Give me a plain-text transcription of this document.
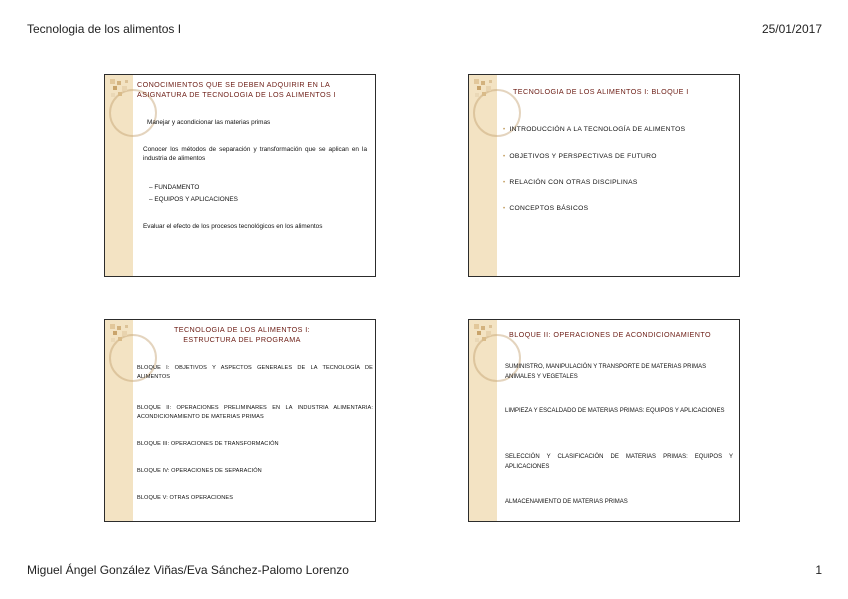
Tecnologia de los alimentos I	25/01/2017
CONOCIMIENTOS QUE SE DEBEN ADQUIRIR EN LA
ASIGNATURA DE TECNOLOGIA DE LOS ALIMENTOS I
Manejar y acondicionar las materias primas
Conocer los métodos de separación y transformación que se aplican en la industria de alimentos
– FUNDAMENTO
– EQUIPOS Y APLICACIONES
Evaluar el efecto de los procesos tecnológicos en los alimentos
TECNOLOGIA DE LOS ALIMENTOS I: BLOQUE I
• INTRODUCCIÓN A LA TECNOLOGÍA DE ALIMENTOS
• OBJETIVOS Y PERSPECTIVAS DE FUTURO
• RELACIÓN CON OTRAS DISCIPLINAS
• CONCEPTOS BÁSICOS
TECNOLOGIA DE LOS ALIMENTOS I:
ESTRUCTURA DEL PROGRAMA
BLOQUE I: OBJETIVOS Y ASPECTOS GENERALES DE LA TECNOLOGÍA DE ALIMENTOS
BLOQUE II: OPERACIONES PRELIMINARES EN LA INDUSTRIA ALIMENTARIA: ACONDICIONAMIENTO DE MATERIAS PRIMAS
BLOQUE III: OPERACIONES DE TRANSFORMACIÓN
BLOQUE IV: OPERACIONES DE SEPARACIÓN
BLOQUE V: OTRAS OPERACIONES
BLOQUE II: OPERACIONES DE ACONDICIONAMIENTO
SUMINISTRO, MANIPULACIÓN Y TRANSPORTE DE MATERIAS PRIMAS ANIMALES Y VEGETALES
LIMPIEZA Y ESCALDADO DE MATERIAS PRIMAS: EQUIPOS Y APLICACIONES
SELECCIÓN Y CLASIFICACIÓN DE MATERIAS PRIMAS: EQUIPOS Y APLICACIONES
ALMACENAMIENTO DE MATERIAS PRIMAS
Miguel Ángel González Viñas/Eva Sánchez-Palomo Lorenzo	1
